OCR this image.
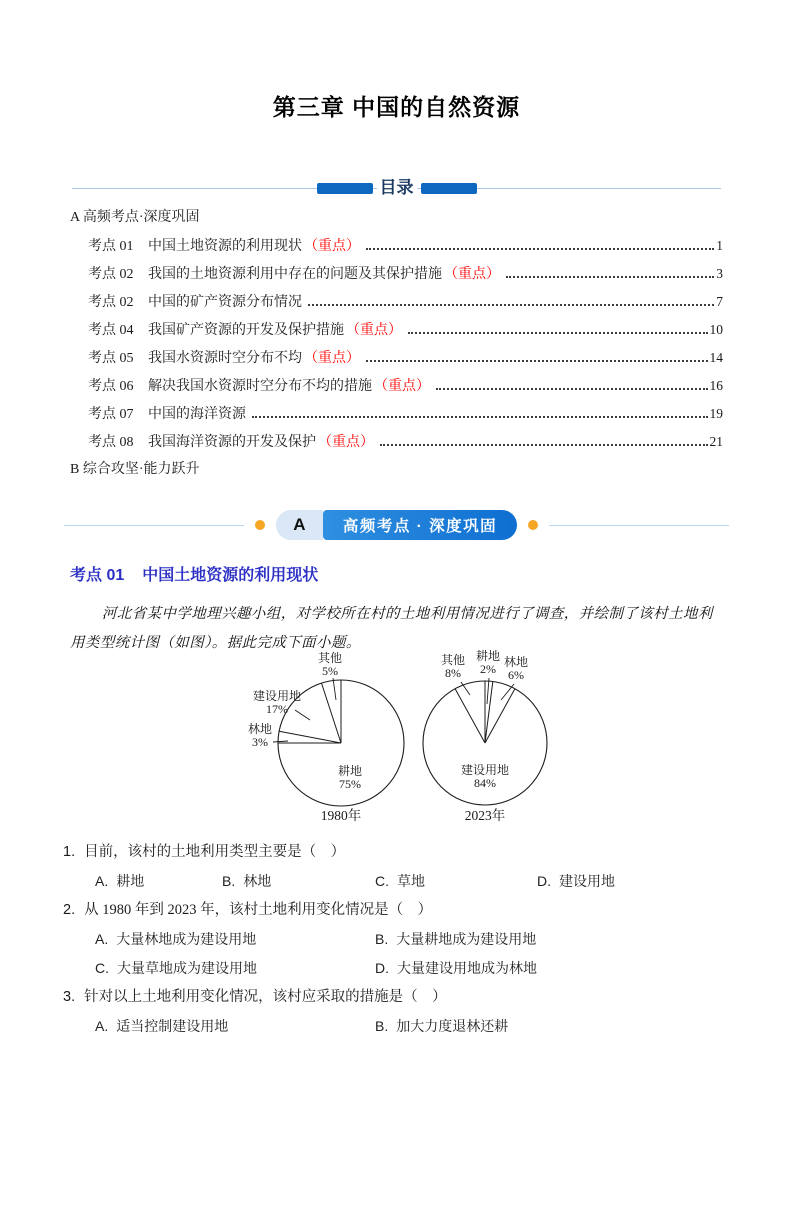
第三章 中国的自然资源
目录
A 高频考点·深度巩固
考点 01	中国土地资源的利用现状 （重点）	1
考点 02	我国的土地资源利用中存在的问题及其保护措施 （重点）	3
考点 02	中国的矿产资源分布情况	7
考点 04	我国矿产资源的开发及保护措施 （重点）	10
考点 05	我国水资源时空分布不均 （重点）	14
考点 06	解决我国水资源时空分布不均的措施 （重点）	16
考点 07	中国的海洋资源	19
考点 08	我国海洋资源的开发及保护 （重点）	21
B 综合攻坚·能力跃升
A	高频考点 · 深度巩固
考点 01 中国土地资源的利用现状
河北省某中学地理兴趣小组，对学校所在村的土地利用情况进行了调查，并绘制了该村土地利用类型统计图（如图）。据此完成下面小题。
耕地
75%
林地
3%
建设用地
17%
其他
5%
1980年
耕地
2% 林地
6%
建设用地
84%
其他
8%
2023年
1. 目前，该村的土地利用类型主要是（　）
A. 耕地	B. 林地	C. 草地	D. 建设用地
2. 从 1980 年到 2023 年，该村土地利用变化情况是（　）
A. 大量林地成为建设用地	B. 大量耕地成为建设用地
C. 大量草地成为建设用地	D. 大量建设用地成为林地
3. 针对以上土地利用变化情况，该村应采取的措施是（　）
A. 适当控制建设用地	B. 加大力度退林还耕
